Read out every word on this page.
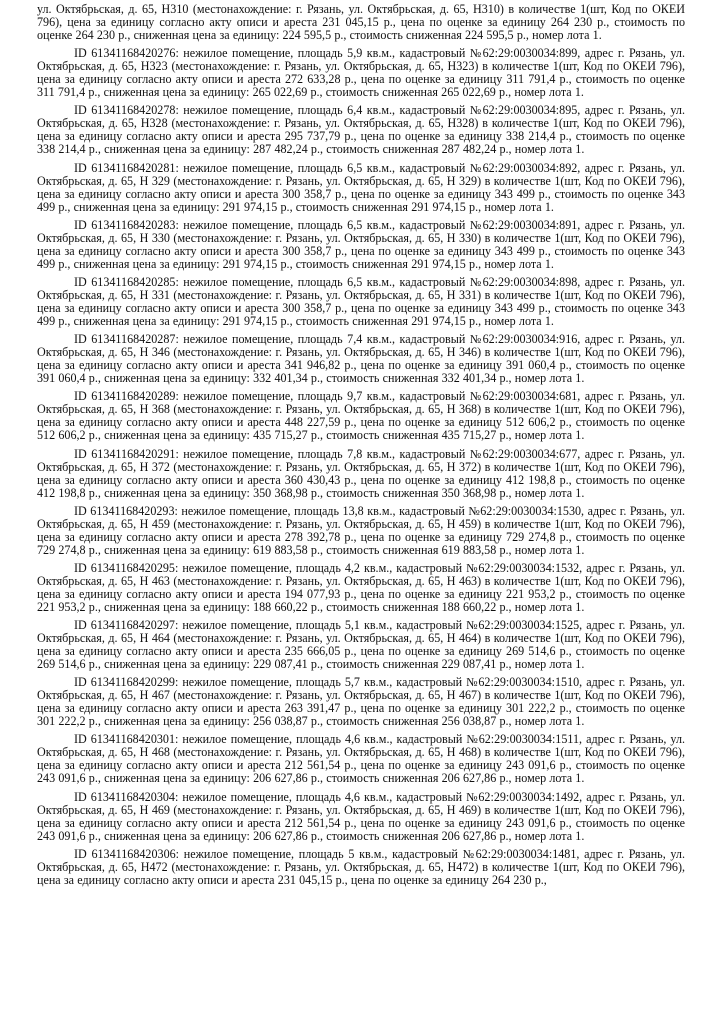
ул. Октябрьская, д. 65, Н310 (местонахождение: г. Рязань, ул. Октябрьская, д. 65, Н310) в количестве 1(шт, Код по ОКЕИ 796), цена за единицу согласно акту описи и ареста 231 045,15 р., цена по оценке за единицу 264 230 р., стоимость по оценке 264 230 р., сниженная цена за единицу: 224 595,5 р., стоимость сниженная 224 595,5 р., номер лота 1.

ID 61341168420276: нежилое помещение, площадь 5,9 кв.м., кадастровый №62:29:0030034:899, адрес г. Рязань, ул. Октябрьская, д. 65, Н323 (местонахождение: г. Рязань, ул. Октябрьская, д. 65, Н323) в количестве 1(шт, Код по ОКЕИ 796), цена за единицу согласно акту описи и ареста 272 633,28 р., цена по оценке за единицу 311 791,4 р., стоимость по оценке 311 791,4 р., сниженная цена за единицу: 265 022,69 р., стоимость сниженная 265 022,69 р., номер лота 1.

ID 61341168420278: нежилое помещение, площадь 6,4 кв.м., кадастровый №62:29:0030034:895, адрес г. Рязань, ул. Октябрьская, д. 65, Н328 (местонахождение: г. Рязань, ул. Октябрьская, д. 65, Н328) в количестве 1(шт, Код по ОКЕИ 796), цена за единицу согласно акту описи и ареста 295 737,79 р., цена по оценке за единицу 338 214,4 р., стоимость по оценке 338 214,4 р., сниженная цена за единицу: 287 482,24 р., стоимость сниженная 287 482,24 р., номер лота 1.

ID 61341168420281: нежилое помещение, площадь 6,5 кв.м., кадастровый №62:29:0030034:892, адрес г. Рязань, ул. Октябрьская, д. 65, Н 329 (местонахождение: г. Рязань, ул. Октябрьская, д. 65, Н 329) в количестве 1(шт, Код по ОКЕИ 796), цена за единицу согласно акту описи и ареста 300 358,7 р., цена по оценке за единицу 343 499 р., стоимость по оценке 343 499 р., сниженная цена за единицу: 291 974,15 р., стоимость сниженная 291 974,15 р., номер лота 1.

ID 61341168420283: нежилое помещение, площадь 6,5 кв.м., кадастровый №62:29:0030034:891, адрес г. Рязань, ул. Октябрьская, д. 65, Н 330 (местонахождение: г. Рязань, ул. Октябрьская, д. 65, Н 330) в количестве 1(шт, Код по ОКЕИ 796), цена за единицу согласно акту описи и ареста 300 358,7 р., цена по оценке за единицу 343 499 р., стоимость по оценке 343 499 р., сниженная цена за единицу: 291 974,15 р., стоимость сниженная 291 974,15 р., номер лота 1.

ID 61341168420285: нежилое помещение, площадь 6,5 кв.м., кадастровый №62:29:0030034:898, адрес г. Рязань, ул. Октябрьская, д. 65, Н 331 (местонахождение: г. Рязань, ул. Октябрьская, д. 65, Н 331) в количестве 1(шт, Код по ОКЕИ 796), цена за единицу согласно акту описи и ареста 300 358,7 р., цена по оценке за единицу 343 499 р., стоимость по оценке 343 499 р., сниженная цена за единицу: 291 974,15 р., стоимость сниженная 291 974,15 р., номер лота 1.

ID 61341168420287: нежилое помещение, площадь 7,4 кв.м., кадастровый №62:29:0030034:916, адрес г. Рязань, ул. Октябрьская, д. 65, Н 346 (местонахождение: г. Рязань, ул. Октябрьская, д. 65, Н 346) в количестве 1(шт, Код по ОКЕИ 796), цена за единицу согласно акту описи и ареста 341 946,82 р., цена по оценке за единицу 391 060,4 р., стоимость по оценке 391 060,4 р., сниженная цена за единицу: 332 401,34 р., стоимость сниженная 332 401,34 р., номер лота 1.

ID 61341168420289: нежилое помещение, площадь 9,7 кв.м., кадастровый №62:29:0030034:681, адрес г. Рязань, ул. Октябрьская, д. 65, Н 368 (местонахождение: г. Рязань, ул. Октябрьская, д. 65, Н 368) в количестве 1(шт, Код по ОКЕИ 796), цена за единицу согласно акту описи и ареста 448 227,59 р., цена по оценке за единицу 512 606,2 р., стоимость по оценке 512 606,2 р., сниженная цена за единицу: 435 715,27 р., стоимость сниженная 435 715,27 р., номер лота 1.

ID 61341168420291: нежилое помещение, площадь 7,8 кв.м., кадастровый №62:29:0030034:677, адрес г. Рязань, ул. Октябрьская, д. 65, Н 372 (местонахождение: г. Рязань, ул. Октябрьская, д. 65, Н 372) в количестве 1(шт, Код по ОКЕИ 796), цена за единицу согласно акту описи и ареста 360 430,43 р., цена по оценке за единицу 412 198,8 р., стоимость по оценке 412 198,8 р., сниженная цена за единицу: 350 368,98 р., стоимость сниженная 350 368,98 р., номер лота 1.

ID 61341168420293: нежилое помещение, площадь 13,8 кв.м., кадастровый №62:29:0030034:1530, адрес г. Рязань, ул. Октябрьская, д. 65, Н 459 (местонахождение: г. Рязань, ул. Октябрьская, д. 65, Н 459) в количестве 1(шт, Код по ОКЕИ 796), цена за единицу согласно акту описи и ареста 278 392,78 р., цена по оценке за единицу 729 274,8 р., стоимость по оценке 729 274,8 р., сниженная цена за единицу: 619 883,58 р., стоимость сниженная 619 883,58 р., номер лота 1.

ID 61341168420295: нежилое помещение, площадь 4,2 кв.м., кадастровый №62:29:0030034:1532, адрес г. Рязань, ул. Октябрьская, д. 65, Н 463 (местонахождение: г. Рязань, ул. Октябрьская, д. 65, Н 463) в количестве 1(шт, Код по ОКЕИ 796), цена за единицу согласно акту описи и ареста 194 077,93 р., цена по оценке за единицу 221 953,2 р., стоимость по оценке 221 953,2 р., сниженная цена за единицу: 188 660,22 р., стоимость сниженная 188 660,22 р., номер лота 1.

ID 61341168420297: нежилое помещение, площадь 5,1 кв.м., кадастровый №62:29:0030034:1525, адрес г. Рязань, ул. Октябрьская, д. 65, Н 464 (местонахождение: г. Рязань, ул. Октябрьская, д. 65, Н 464) в количестве 1(шт, Код по ОКЕИ 796), цена за единицу согласно акту описи и ареста 235 666,05 р., цена по оценке за единицу 269 514,6 р., стоимость по оценке 269 514,6 р., сниженная цена за единицу: 229 087,41 р., стоимость сниженная 229 087,41 р., номер лота 1.

ID 61341168420299: нежилое помещение, площадь 5,7 кв.м., кадастровый №62:29:0030034:1510, адрес г. Рязань, ул. Октябрьская, д. 65, Н 467 (местонахождение: г. Рязань, ул. Октябрьская, д. 65, Н 467) в количестве 1(шт, Код по ОКЕИ 796), цена за единицу согласно акту описи и ареста 263 391,47 р., цена по оценке за единицу 301 222,2 р., стоимость по оценке 301 222,2 р., сниженная цена за единицу: 256 038,87 р., стоимость сниженная 256 038,87 р., номер лота 1.

ID 61341168420301: нежилое помещение, площадь 4,6 кв.м., кадастровый №62:29:0030034:1511, адрес г. Рязань, ул. Октябрьская, д. 65, Н 468 (местонахождение: г. Рязань, ул. Октябрьская, д. 65, Н 468) в количестве 1(шт, Код по ОКЕИ 796), цена за единицу согласно акту описи и ареста 212 561,54 р., цена по оценке за единицу 243 091,6 р., стоимость по оценке 243 091,6 р., сниженная цена за единицу: 206 627,86 р., стоимость сниженная 206 627,86 р., номер лота 1.

ID 61341168420304: нежилое помещение, площадь 4,6 кв.м., кадастровый №62:29:0030034:1492, адрес г. Рязань, ул. Октябрьская, д. 65, Н 469 (местонахождение: г. Рязань, ул. Октябрьская, д. 65, Н 469) в количестве 1(шт, Код по ОКЕИ 796), цена за единицу согласно акту описи и ареста 212 561,54 р., цена по оценке за единицу 243 091,6 р., стоимость по оценке 243 091,6 р., сниженная цена за единицу: 206 627,86 р., стоимость сниженная 206 627,86 р., номер лота 1.

ID 61341168420306: нежилое помещение, площадь 5 кв.м., кадастровый №62:29:0030034:1481, адрес г. Рязань, ул. Октябрьская, д. 65, Н472 (местонахождение: г. Рязань, ул. Октябрьская, д. 65, Н472) в количестве 1(шт, Код по ОКЕИ 796), цена за единицу согласно акту описи и ареста 231 045,15 р., цена по оценке за единицу 264 230 р.,
